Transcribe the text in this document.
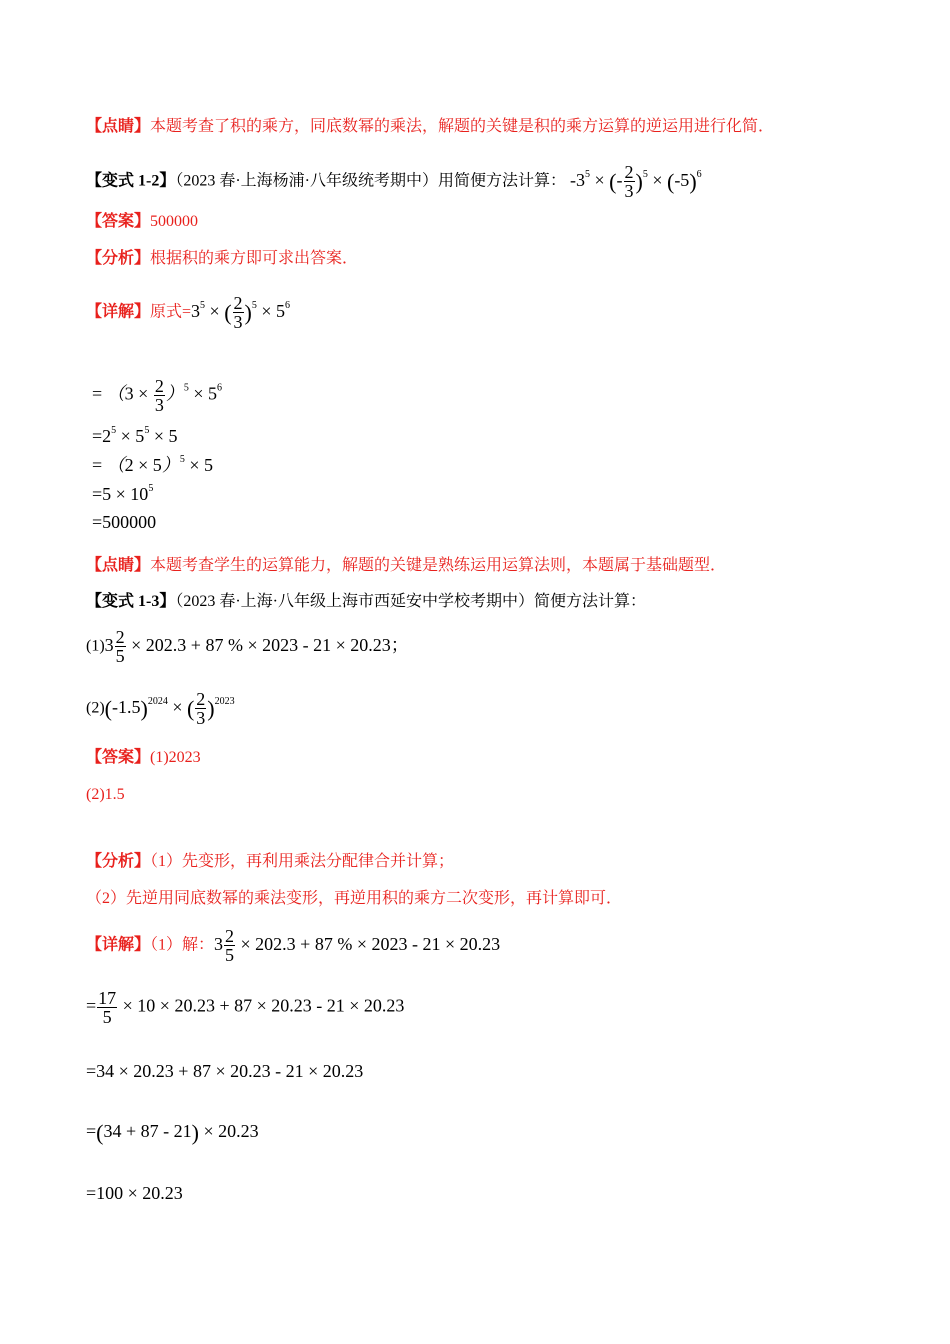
【点睛】本题考查了积的乘方，同底数幂的乘法，解题的关键是积的乘方运算的逆运用进行化简．
【变式 1-2】（2023 春·上海杨浦·八年级统考期中）用简便方法计算： $-3^5$ × (- $\frac{2}{3} )^5 \times (-5)^6$
【答案】500000
【分析】根据积的乘方即可求出答案．
【详解】原式$=3^5$ × ( $\frac{2}{3} )^5 \times 5^6$
= $(3 \times \frac{2}{3} )^5 \times 5^6$
$=2^5 \times 5^5 \times 5$
= $(2 \times 5)^5 \times 5$
$=5 \times 10^5$
=500000
【点睛】本题考查学生的运算能力，解题的关键是熟练运用运算法则，本题属于基础题型．
【变式 1-3】（2023 春·上海·八年级上海市西延安中学校考期中）简便方法计算：
$(1)3 \frac{2}{5} \times 202.3 + 87$ % × 2023 - 21 × 20.23；
$(2)(-1.5)^{2024}$ × ( $\frac{2}{3} )^{2023}$
【答案】(1)2023
(2)1.5
【分析】（1）先变形，再利用乘法分配律合并计算；
（2）先逆用同底数幂的乘法变形，再逆用积的乘方二次变形，再计算即可．
【详解】（1）解：$3 \frac{2}{5} \times 202.3 + 87$ % × 2023 - 21 × 20.23
= $\frac{17}{5} \times 10 \times 20.23 + 87 \times 20.23 - 21 \times 20.23$
=34 × 20.23 + 87 × 20.23 - 21 × 20.23
=(34 + 87 - 21) × 20.23
=100 × 20.23
